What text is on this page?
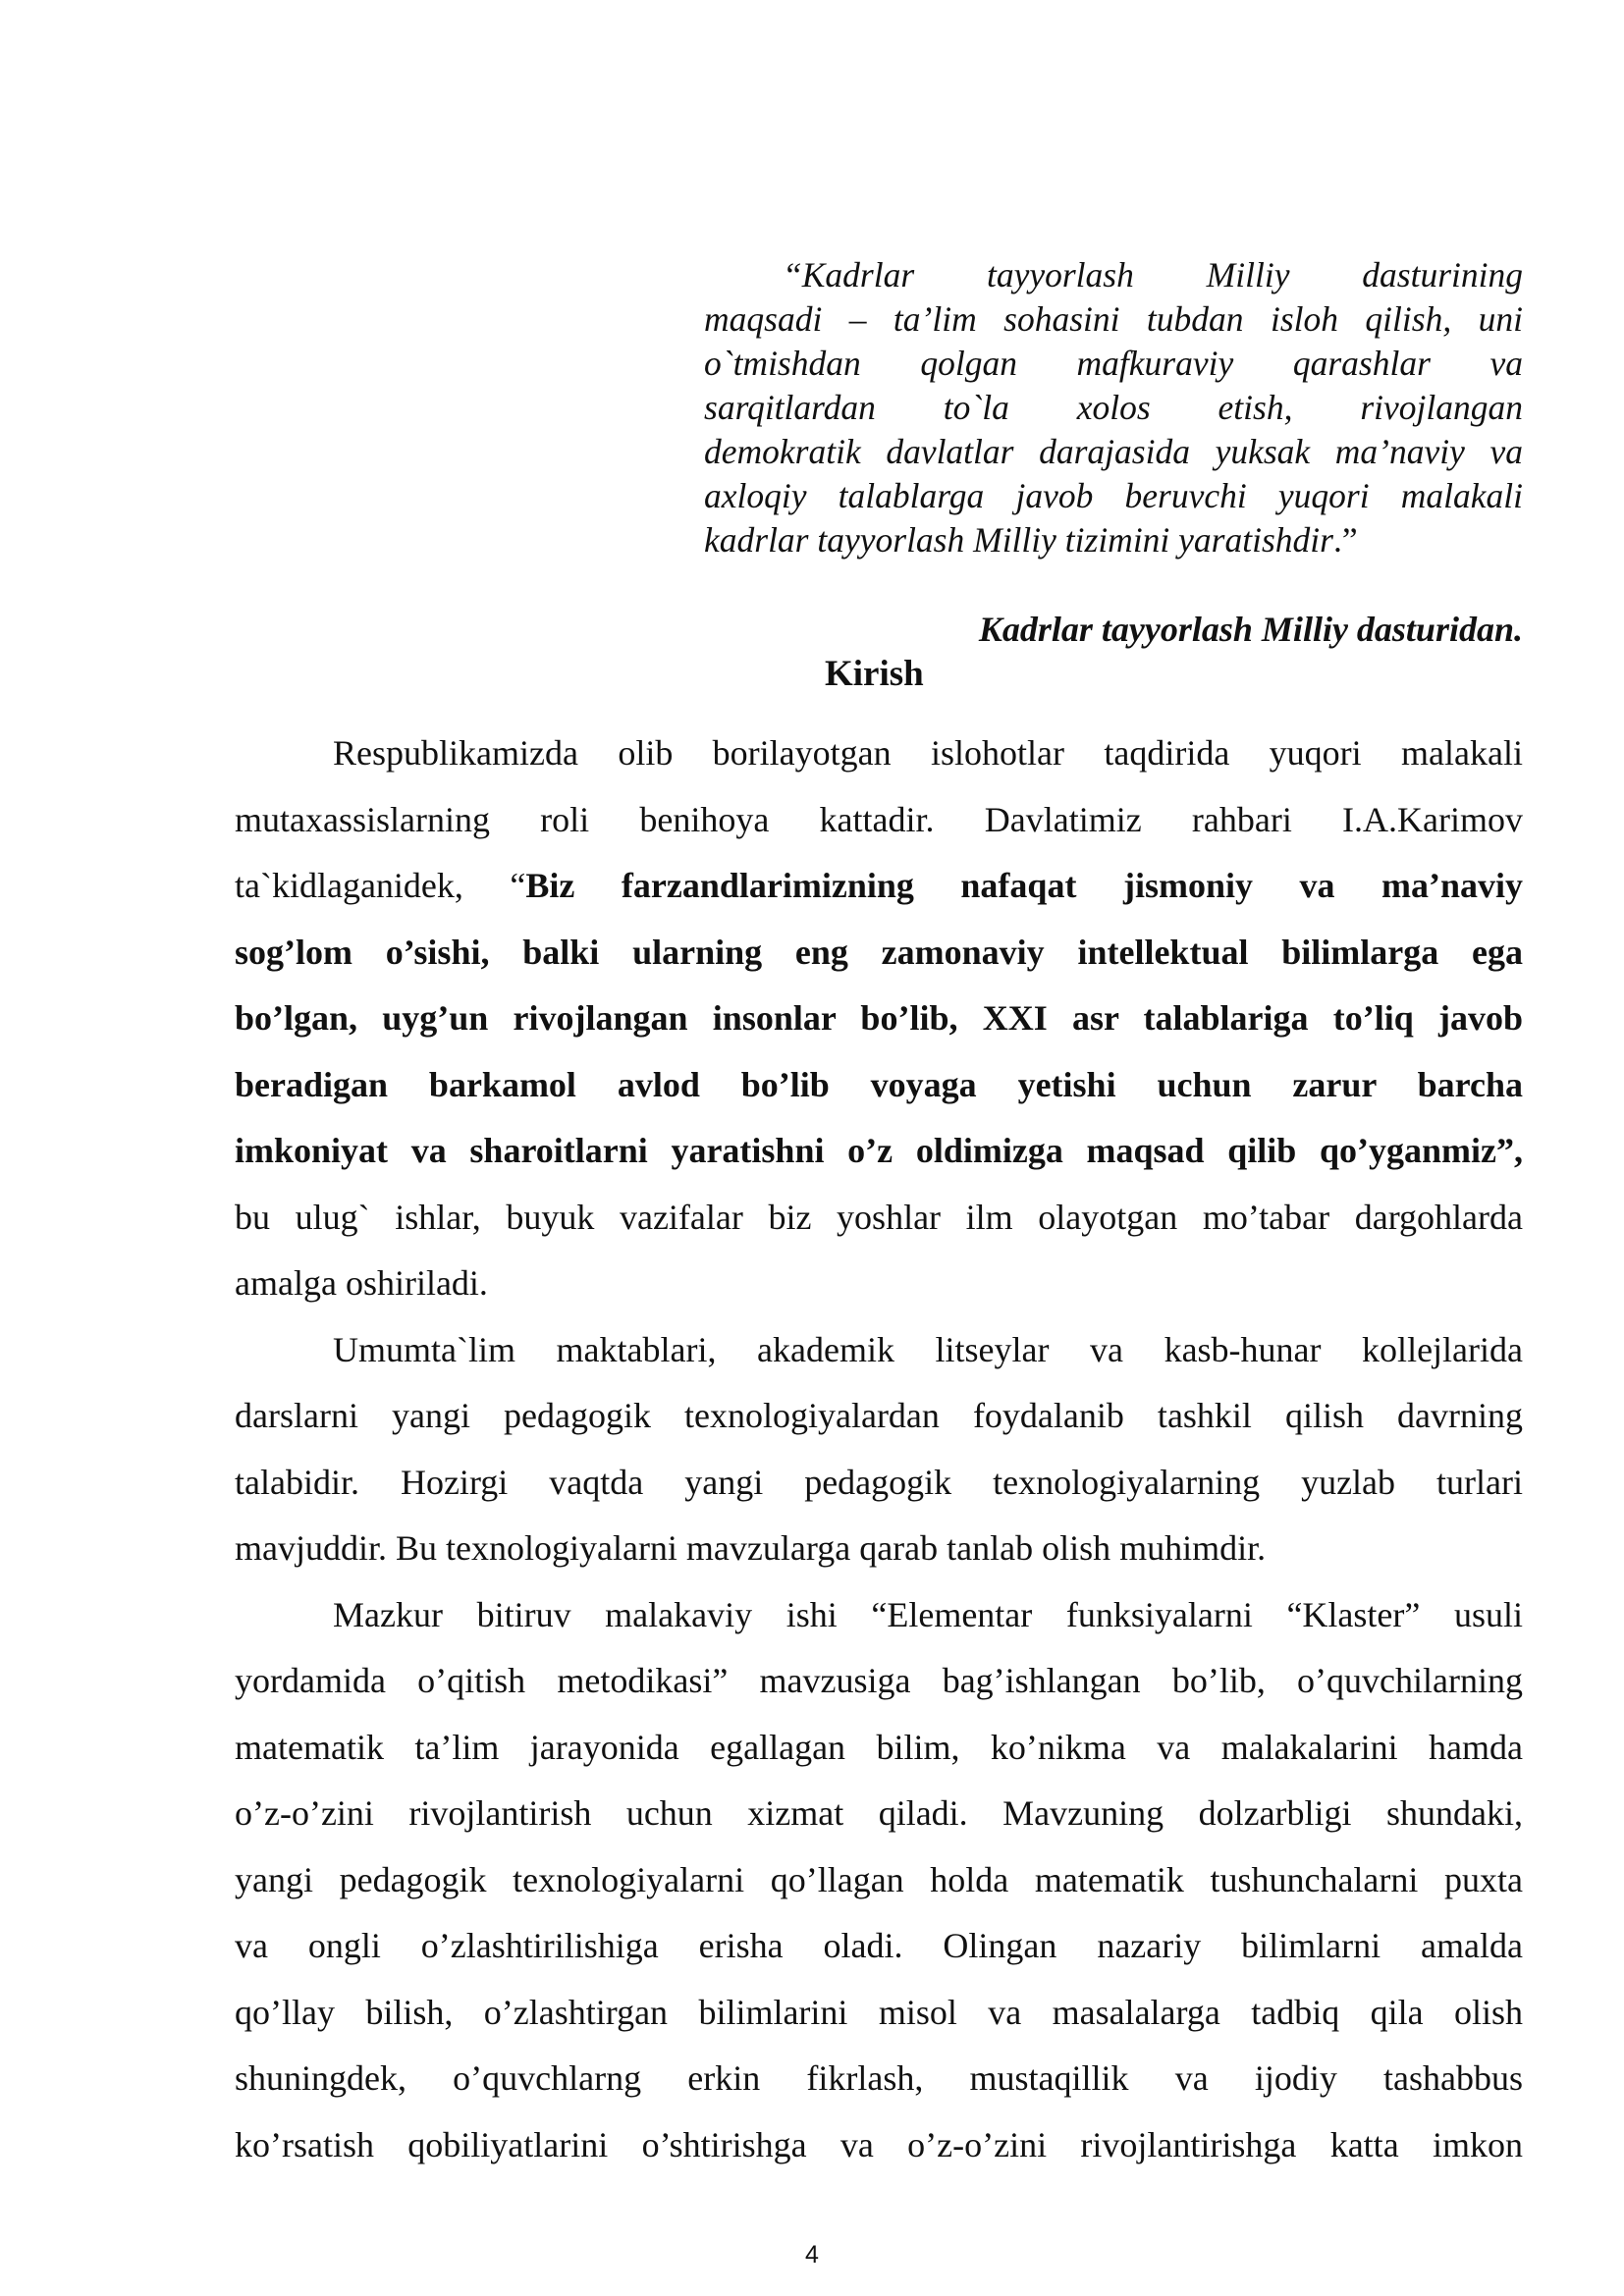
“Kadrlar tayyorlash Milliy dasturining
maqsadi – ta’lim sohasini tubdan isloh qilish, uni
o`tmishdan qolgan mafkuraviy qarashlar va
sarqitlardan to`la xolos etish, rivojlangan
demokratik davlatlar darajasida yuksak ma’naviy va
axloqiy talablarga javob beruvchi yuqori malakali
kadrlar tayyorlash Milliy tizimini yaratishdir.”
Kadrlar tayyorlash Milliy dasturidan.
Kirish
Respublikamizda olib borilayotgan islohotlar taqdirida yuqori malakali
mutaxassislarning roli benihoya kattadir. Davlatimiz rahbari I.A.Karimov
ta`kidlaganidek, “Biz farzandlarimizning nafaqat jismoniy va ma’naviy
sog’lom o’sishi, balki ularning eng zamonaviy intellektual bilimlarga ega
bo’lgan, uyg’un rivojlangan insonlar bo’lib, XXI asr talablariga to’liq javob
beradigan barkamol avlod bo’lib voyaga yetishi uchun zarur barcha
imkoniyat va sharoitlarni yaratishni o’z oldimizga maqsad qilib qo’yganmiz”,
bu ulug` ishlar, buyuk vazifalar biz yoshlar ilm olayotgan mo’tabar dargohlarda
amalga oshiriladi.
Umumta`lim maktablari, akademik litseylar va kasb-hunar kollejlarida
darslarni yangi pedagogik texnologiyalardan foydalanib tashkil qilish davrning
talabidir. Hozirgi vaqtda yangi pedagogik texnologiyalarning yuzlab turlari
mavjuddir. Bu texnologiyalarni mavzularga qarab tanlab olish muhimdir.
Mazkur bitiruv malakaviy ishi “Elementar funksiyalarni “Klaster” usuli
yordamida o’qitish metodikasi” mavzusiga bag’ishlangan bo’lib, o’quvchilarning
matematik ta’lim jarayonida egallagan bilim, ko’nikma va malakalarini hamda
o’z-o’zini rivojlantirish uchun xizmat qiladi. Mavzuning dolzarbligi shundaki,
yangi pedagogik texnologiyalarni qo’llagan holda matematik tushunchalarni puxta
va ongli o’zlashtirilishiga erisha oladi. Olingan nazariy bilimlarni amalda
qo’llay bilish, o’zlashtirgan bilimlarini misol va masalalarga tadbiq qila olish
shuningdek, o’quvchlarng erkin fikrlash, mustaqillik va ijodiy tashabbus
ko’rsatish qobiliyatlarini o’shtirishga va o’z-o’zini rivojlantirishga katta imkon
4
